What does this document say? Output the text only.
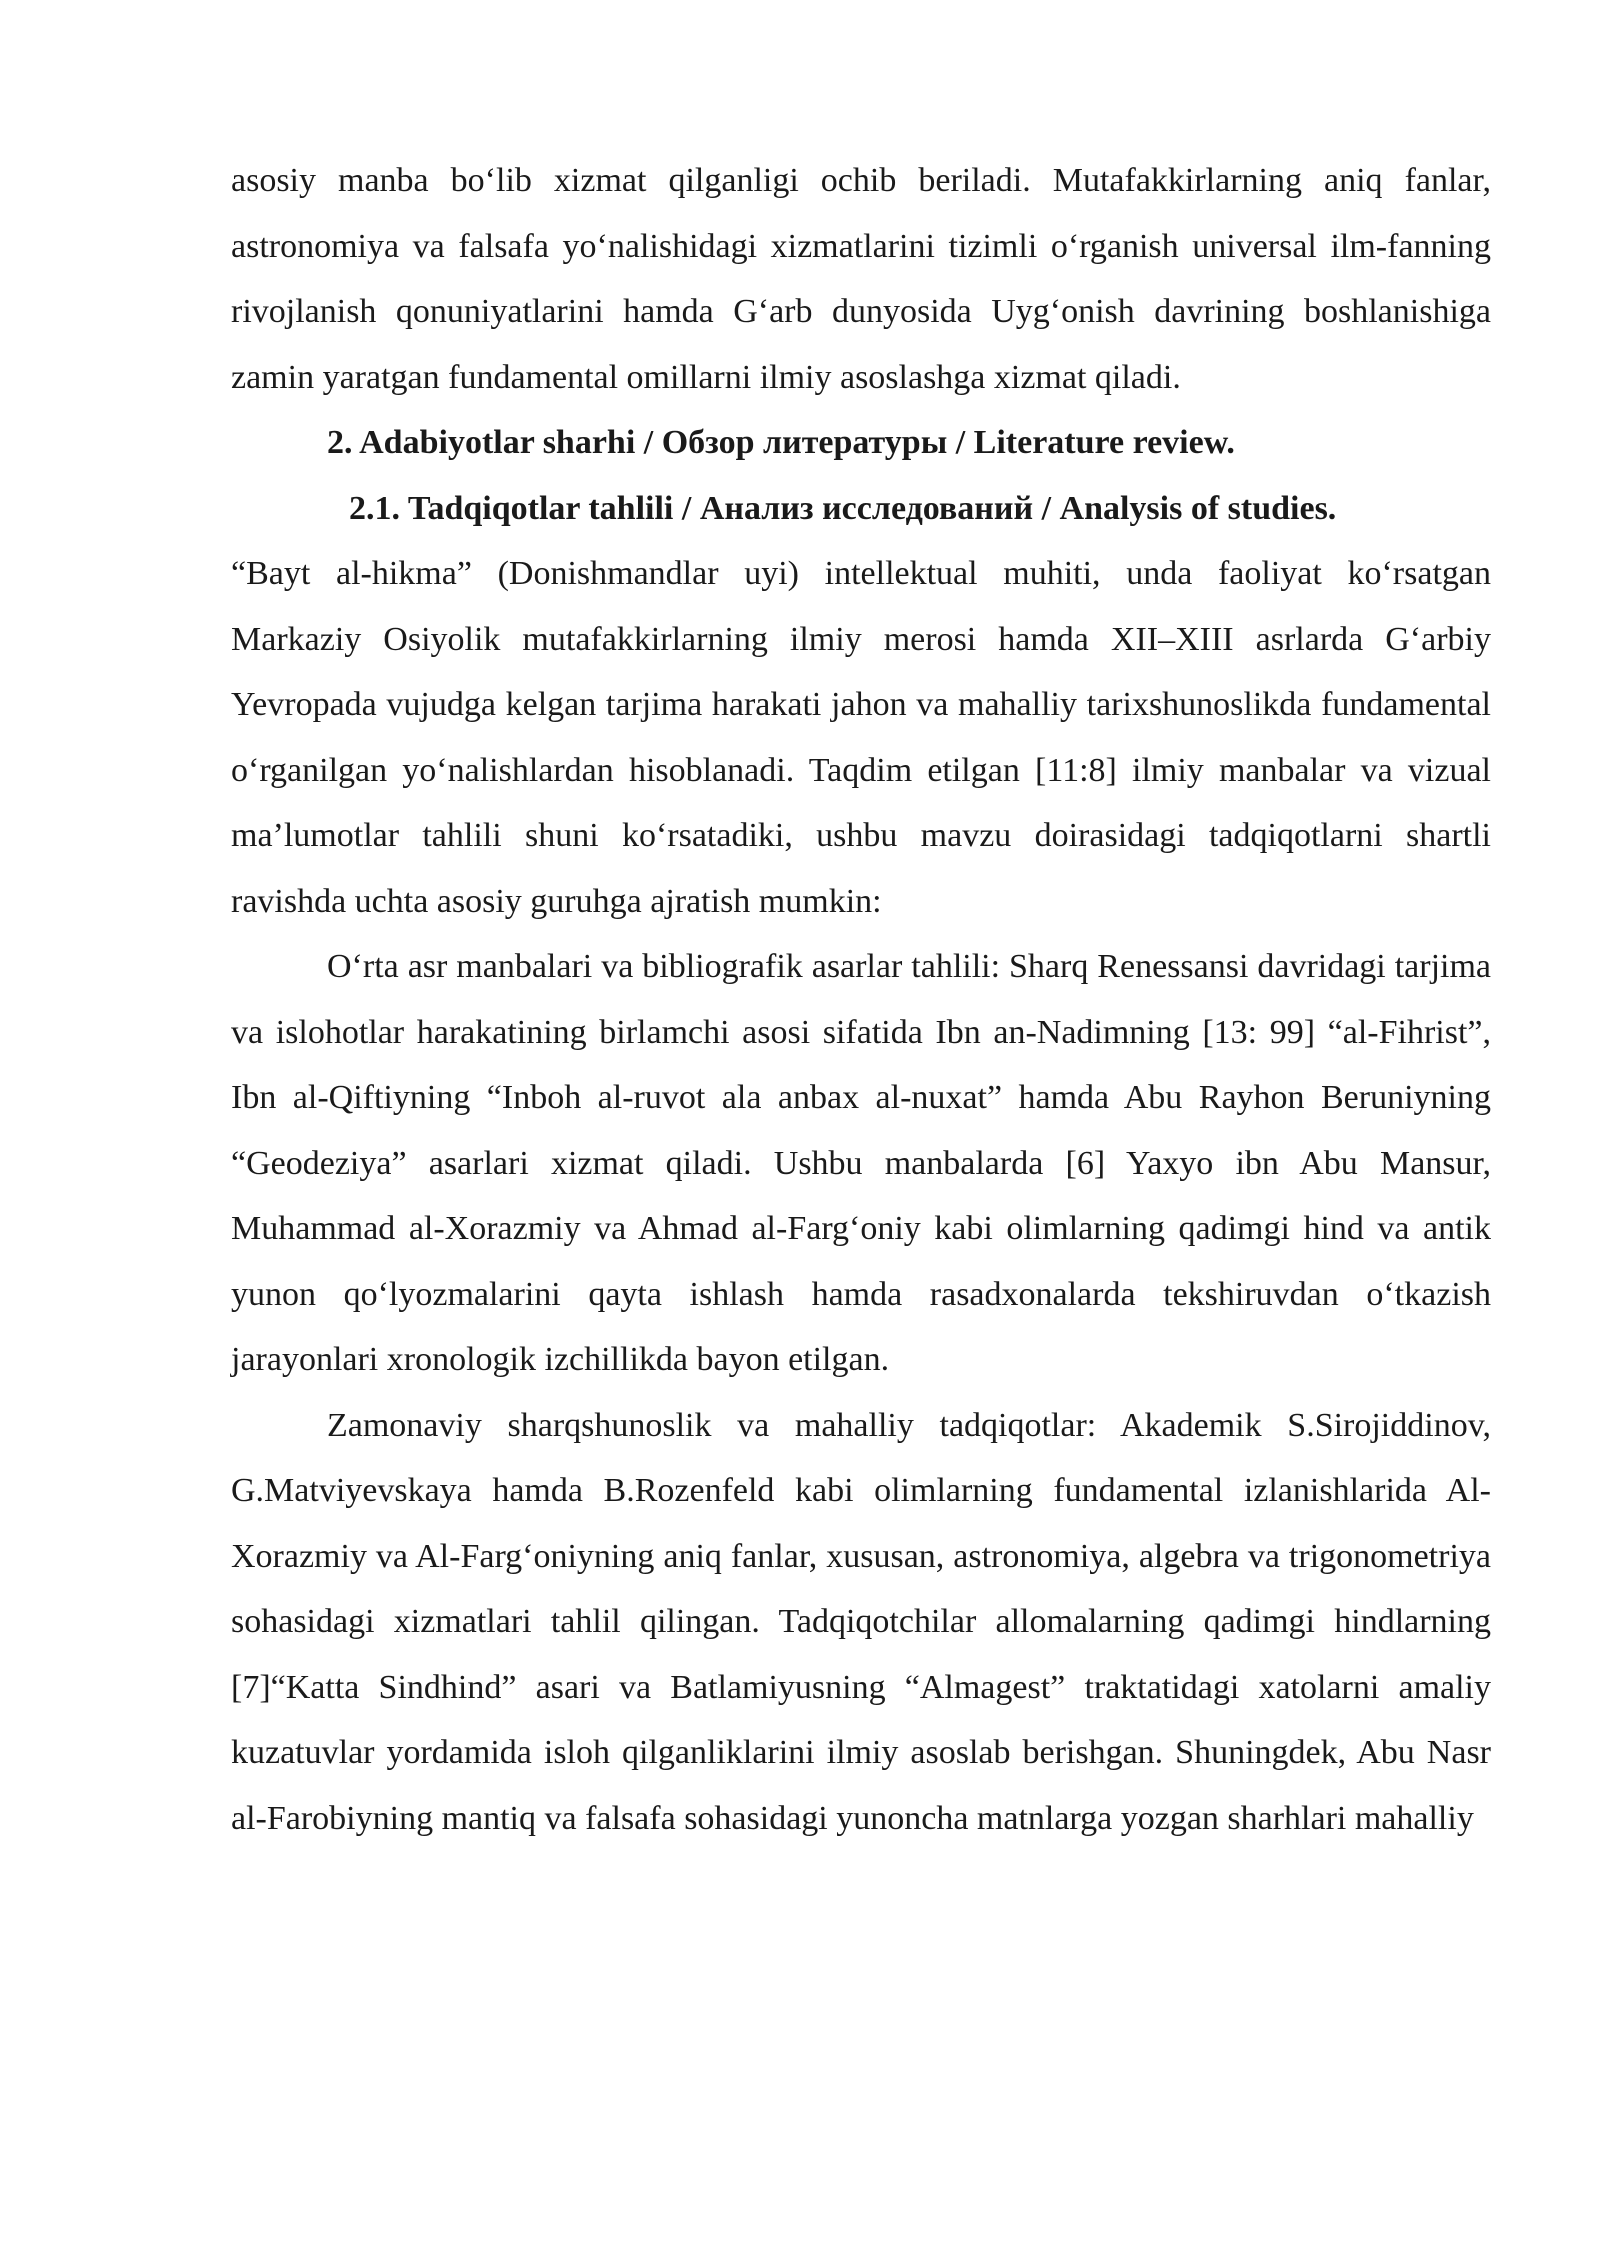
asosiy manba bo‘lib xizmat qilganligi ochib beriladi. Mutafakkirlarning aniq fanlar, astronomiya va falsafa yo‘nalishidagi xizmatlarini tizimli o‘rganish universal ilm-fanning rivojlanish qonuniyatlarini hamda G‘arb dunyosida Uyg‘onish davrining boshlanishiga zamin yaratgan fundamental omillarni ilmiy asoslashga xizmat qiladi.

2. Adabiyotlar sharhi / Обзор литературы / Literature review.

2.1. Tadqiqotlar tahlili / Анализ исследований / Analysis of studies.

“Bayt al-hikma” (Donishmandlar uyi) intellektual muhiti, unda faoliyat ko‘rsatgan Markaziy Osiyolik mutafakkirlarning ilmiy merosi hamda XII–XIII asrlarda G‘arbiy Yevropada vujudga kelgan tarjima harakati jahon va mahalliy tarixshunoslikda fundamental o‘rganilgan yo‘nalishlardan hisoblanadi. Taqdim etilgan [11:8] ilmiy manbalar va vizual ma’lumotlar tahlili shuni ko‘rsatadiki, ushbu mavzu doirasidagi tadqiqotlarni shartli ravishda uchta asosiy guruhga ajratish mumkin:

O‘rta asr manbalari va bibliografik asarlar tahlili: Sharq Renessansi davridagi tarjima va islohotlar harakatining birlamchi asosi sifatida Ibn an-Nadimning [13: 99] “al-Fihrist”, Ibn al-Qiftiyning “Inboh al-ruvot ala anbax al-nuxat” hamda Abu Rayhon Beruniyning “Geodeziya” asarlari xizmat qiladi. Ushbu manbalarda [6] Yaxyo ibn Abu Mansur, Muhammad al-Xorazmiy va Ahmad al-Farg‘oniy kabi olimlarning qadimgi hind va antik yunon qo‘lyozmalarini qayta ishlash hamda rasadxonalarda tekshiruvdan o‘tkazish jarayonlari xronologik izchillikda bayon etilgan.

Zamonaviy sharqshunoslik va mahalliy tadqiqotlar: Akademik S.Sirojiddinov, G.Matviyevskaya hamda B.Rozenfeld kabi olimlarning fundamental izlanishlarida Al-Xorazmiy va Al-Farg‘oniyning aniq fanlar, xususan, astronomiya, algebra va trigonometriya sohasidagi xizmatlari tahlil qilingan. Tadqiqotchilar allomalarning qadimgi hindlarning [7]“Katta Sindhind” asari va Batlamiyusning “Almagest” traktatidagi xatolarni amaliy kuzatuvlar yordamida isloh qilganliklarini ilmiy asoslab berishgan. Shuningdek, Abu Nasr al-Farobiyning mantiq va falsafa sohasidagi yunoncha matnlarga yozgan sharhlari mahalliy
